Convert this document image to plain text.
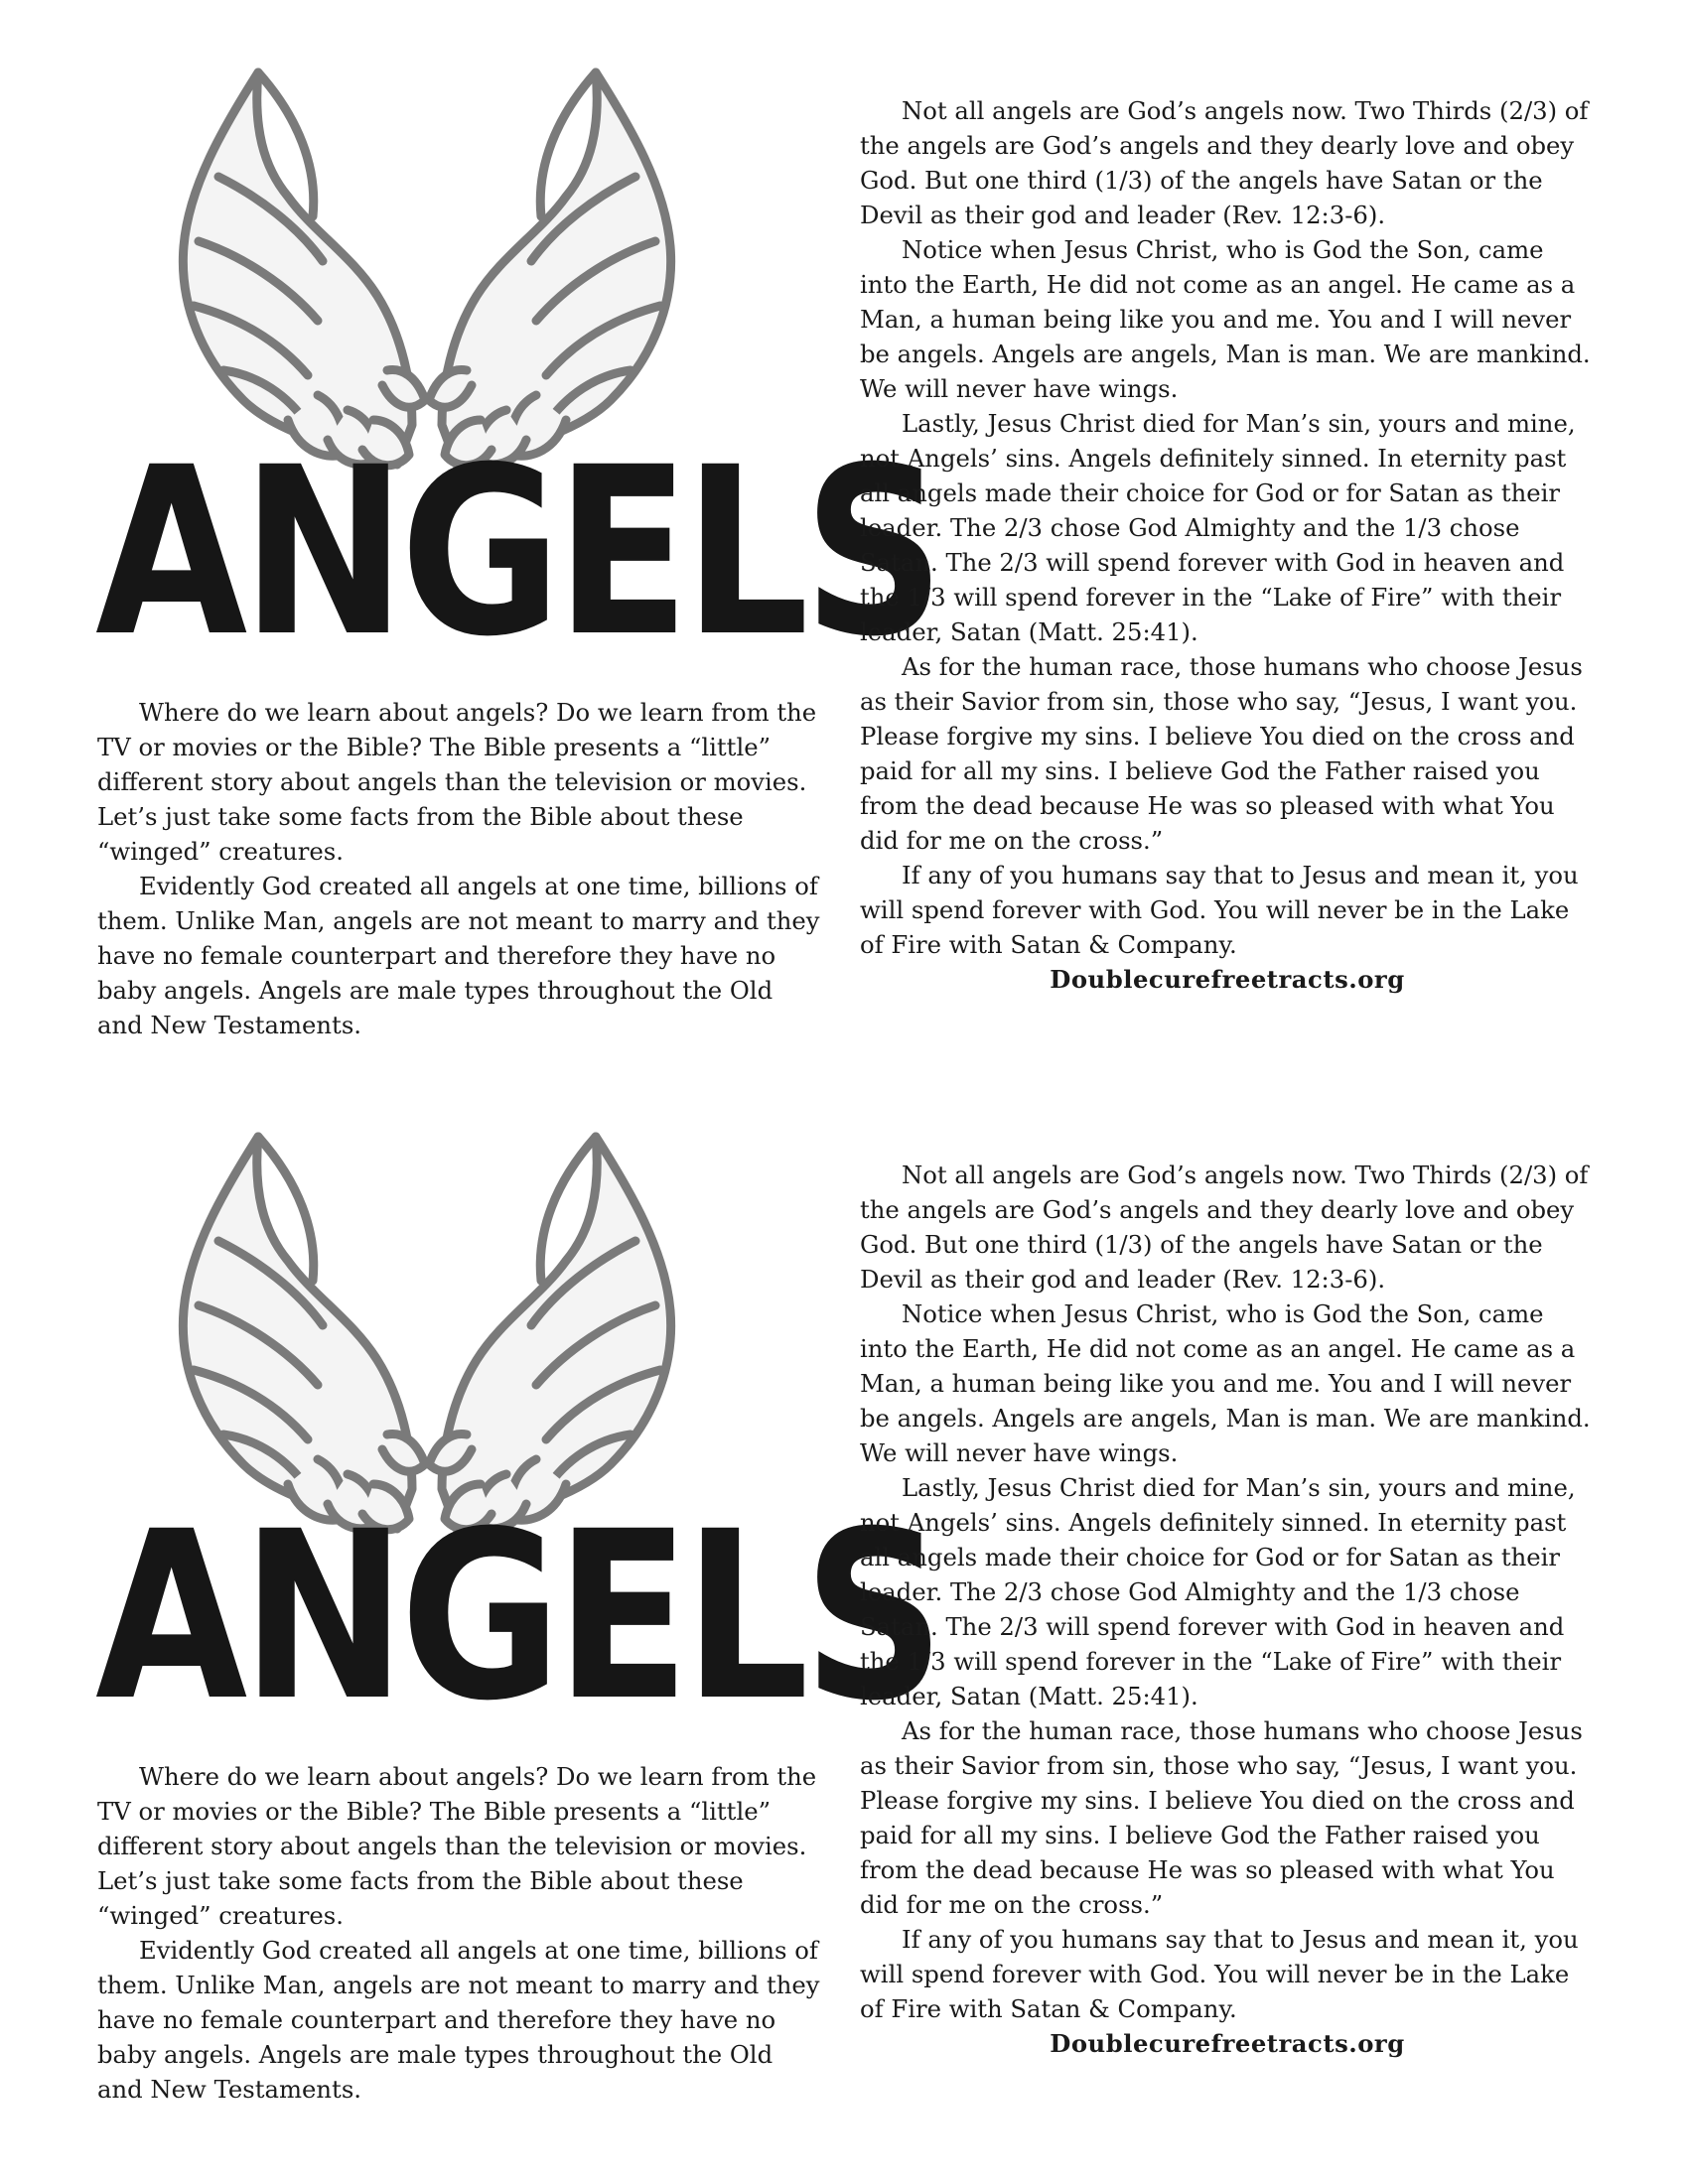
ANGELS

Where do we learn about angels? Do we learn from the TV or movies or the Bible? The Bible presents a “little” different story about angels than the television or movies. Let’s just take some facts from the Bible about these “winged” creatures.

Evidently God created all angels at one time, billions of them. Unlike Man, angels are not meant to marry and they have no female counterpart and therefore they have no baby angels. Angels are male types throughout the Old and New Testaments.

Not all angels are God’s angels now. Two Thirds (2/3) of the angels are God’s angels and they dearly love and obey God. But one third (1/3) of the angels have Satan or the Devil as their god and leader (Rev. 12:3-6).

Notice when Jesus Christ, who is God the Son, came into the Earth, He did not come as an angel. He came as a Man, a human being like you and me. You and I will never be angels. Angels are angels, Man is man. We are mankind. We will never have wings.

Lastly, Jesus Christ died for Man’s sin, yours and mine, not Angels’ sins. Angels definitely sinned. In eternity past all angels made their choice for God or for Satan as their leader. The 2/3 chose God Almighty and the 1/3 chose Satan. The 2/3 will spend forever with God in heaven and the 1/3 will spend forever in the “Lake of Fire” with their leader, Satan (Matt. 25:41).

As for the human race, those humans who choose Jesus as their Savior from sin, those who say, “Jesus, I want you. Please forgive my sins. I believe You died on the cross and paid for all my sins. I believe God the Father raised you from the dead because He was so pleased with what You did for me on the cross.”

If any of you humans say that to Jesus and mean it, you will spend forever with God. You will never be in the Lake of Fire with Satan & Company.

Doublecurefreetracts.org

ANGELS

Where do we learn about angels? Do we learn from the TV or movies or the Bible? The Bible presents a “little” different story about angels than the television or movies. Let’s just take some facts from the Bible about these “winged” creatures.

Evidently God created all angels at one time, billions of them. Unlike Man, angels are not meant to marry and they have no female counterpart and therefore they have no baby angels. Angels are male types throughout the Old and New Testaments.

Not all angels are God’s angels now. Two Thirds (2/3) of the angels are God’s angels and they dearly love and obey God. But one third (1/3) of the angels have Satan or the Devil as their god and leader (Rev. 12:3-6).

Notice when Jesus Christ, who is God the Son, came into the Earth, He did not come as an angel. He came as a Man, a human being like you and me. You and I will never be angels. Angels are angels, Man is man. We are mankind. We will never have wings.

Lastly, Jesus Christ died for Man’s sin, yours and mine, not Angels’ sins. Angels definitely sinned. In eternity past all angels made their choice for God or for Satan as their leader. The 2/3 chose God Almighty and the 1/3 chose Satan. The 2/3 will spend forever with God in heaven and the 1/3 will spend forever in the “Lake of Fire” with their leader, Satan (Matt. 25:41).

As for the human race, those humans who choose Jesus as their Savior from sin, those who say, “Jesus, I want you. Please forgive my sins. I believe You died on the cross and paid for all my sins. I believe God the Father raised you from the dead because He was so pleased with what You did for me on the cross.”

If any of you humans say that to Jesus and mean it, you will spend forever with God. You will never be in the Lake of Fire with Satan & Company.

Doublecurefreetracts.org
